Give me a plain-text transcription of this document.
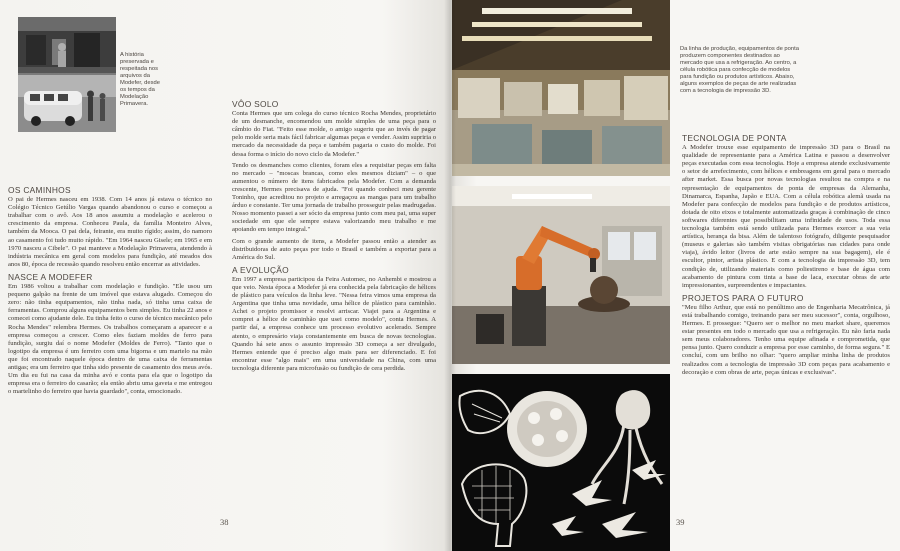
A história preservada e respeitada nos arquivos da Modefer, desde os tempos da Modelação Primavera.
OS CAMINHOS

O pai de Hermes nasceu em 1938. Com 14 anos já estava o técnico no Colégio Técnico Getúlio Vargas quando abandonou o curso e começou a trabalhar com o avô. Aos 18 anos assumiu a modelação e acelerou o crescimento da empresa. Conheceu Paula, da família Monteiro Alves, também da Mooca. O pai dela, feirante, era muito rígido; assim, do namoro ao casamento foi tudo muito rápido. "Em 1964 nasceu Gisele; em 1965 e em 1970 nasceu a Cibele". O pai manteve a Modelação Primavera, atendendo à indústria mecânica em geral com modelos para fundição, até meados dos anos 80, época de recessão quando resolveu então encerrar as atividades.

NASCE A MODEFER

Em 1986 voltou a trabalhar com modelação e fundição. "Ele usou um pequeno galpão na frente de um imóvel que estava alugado. Começou do zero: não tinha equipamentos, não tinha nada, só tinha uma caixa de ferramentas. Comprou alguns equipamentos bem simples. Eu tinha 22 anos e comecei como ajudante dele. Eu tinha feito o curso de técnico mecânico pelo Rocha Mendes" relembra Hermes. Os trabalhos começaram a aparecer e a empresa começou a crescer. Como eles faziam moldes de ferro para fundição, surgiu daí o nome Modefer (Moldes de Ferro). "Tanto que o logotipo da empresa é um ferreiro com uma bigorna e um martelo na mão que foi encontrado naquele época dentro de uma caixa de ferramentas antigas; era um ferreiro que tinha sido presente de casamento dos meus avós. Um dia eu fui na casa da minha avó e conta para ela que o logotipo da empresa era o ferreiro do casarão; ela então abriu uma gaveta e me entregou o martelinho do ferreiro que havia guardado", conta, emocionado.

VÔO SOLO

Conta Hermes que um colega do curso técnico Rocha Mendes, proprietário de um desmanche, encomendou um molde simples de uma peça para o câmbio do Fiat. "Feito esse molde, o amigo sugeriu que ao invés de pagar pelo molde seria mais fácil fabricar algumas peças e vender. Assim supriria o mercado da necessidade da peça e também pagaria o custo do molde. Foi dessa forma o início do novo ciclo da Modefer."

Tendo os desmanches como clientes, foram eles a requisitar peças em falta no mercado – "moscas brancas, como eles mesmos diziam" – o que aumentou o número de itens fabricados pela Modefer. Com a demanda crescente, Hermes precisava de ajuda. "Foi quando conheci meu gerente Toninho, que acreditou no projeto e arregaçou as mangas para um trabalho árduo e constante. Ter uma jornada de trabalho prosseguir pelas madrugadas. Nosso momento passei a ser sócio da empresa junto com meu pai, uma super sociedade em que ele sempre estava valorizando meu trabalho e me apoiando em tempo integral."

Com o grande aumento de itens, a Modefer passou então a atender as distribuidoras de auto peças por todo o Brasil e também a exportar para a América do Sul.

A EVOLUÇÃO

Em 1997 a empresa participou da Feira Automec, no Anhembi e mostrou a que veio. Nesta época a Modefer já era conhecida pela fabricação de hélices de plástico para veículos da linha leve. "Nessa feira vimos uma empresa da Argentina que tinha uma novidade, uma hélice de plástico para caminhão. Achei o projeto promissor e resolvi arriscar. Viajei para a Argentina e comprei a hélice de caminhão que usei como modelo", conta Hermes. A partir daí, a empresa conhece um processo evolutivo acelerado. Sempre atento, o empresário viaja constantemente em busca de novas tecnologias. Quando há sete anos o assunto impressão 3D começa a ser divulgado, Hermes entende que é preciso algo mais para ser diferenciado. E foi encontrar esse "algo mais" em uma universidade na China, com uma tecnologia diferente para microfusão ou fundição de cera perdida.

38
Da linha de produção, equipamentos de ponta produzem componentes destinados ao mercado que usa a refrigeração. Ao centro, a célula robótica para confecção de modelos para fundição ou produtos artísticos. Abaixo, alguns exemplos de peças de arte realizadas com a tecnologia de impressão 3D.
TECNOLOGIA DE PONTA

A Modefer trouxe esse equipamento de impressão 3D para o Brasil na qualidade de representante para a América Latina e passou a desenvolver peças executadas com essa tecnologia. Hoje a empresa atende exclusivamente o setor de arrefecimento, com hélices e embreagens em geral para o mercado after market. Essa busca por novas tecnologias resultou na compra e na representação de equipamentos de ponta de empresas da Alemanha, Dinamarca, Espanha, Japão e EUA. Com a célula robótica alemã usada na Modefer para confecção de modelos para fundição e de produtos artísticos, dotada de oito eixos e totalmente automatizada graças à combinação de cinco softwares diferentes que possibilitam uma infinidade de usos. Toda essa tecnologia também está sendo utilizada para Hermes exercer a sua veia artística, herança da bisa. Além de talentoso fotógrafo, diligente pesquisador (museus e galerias são também visitas obrigatórias nas cidades para onde viaja), ávido leitor (livros de arte estão sempre na sua bagagem), ele é escultor, pintor, artista plástico. E com a tecnologia da impressão 3D, tem condição de, utilizando materiais como poliestireno e base de água com acabamento de pintura com tinta a base de laca, executar obras de arte impressionantes, surpreendentes e impactantes.

PROJETOS PARA O FUTURO

"Meu filho Arthur, que está no penúltimo ano de Engenharia Mecatrônica, já está trabalhando comigo, treinando para ser meu sucessor", conta, orgulhoso, Hermes. E prossegue: "Quero ser o melhor no meu market share, queremos estar presentes em todo o mercado que usa a refrigeração. Eu não faria nada sem meus colaboradores. Tenho uma equipe afinada e comprometida, que pensa junto. Quero conduzir a empresa por esse caminho, de forma segura." E concluí, com um brilho no olhar: "quero ampliar minha linha de produtos realizados com a tecnologia de impressão 3D com peças para acabamento e decoração e com obras de arte, peças únicas e exclusivas".

39
